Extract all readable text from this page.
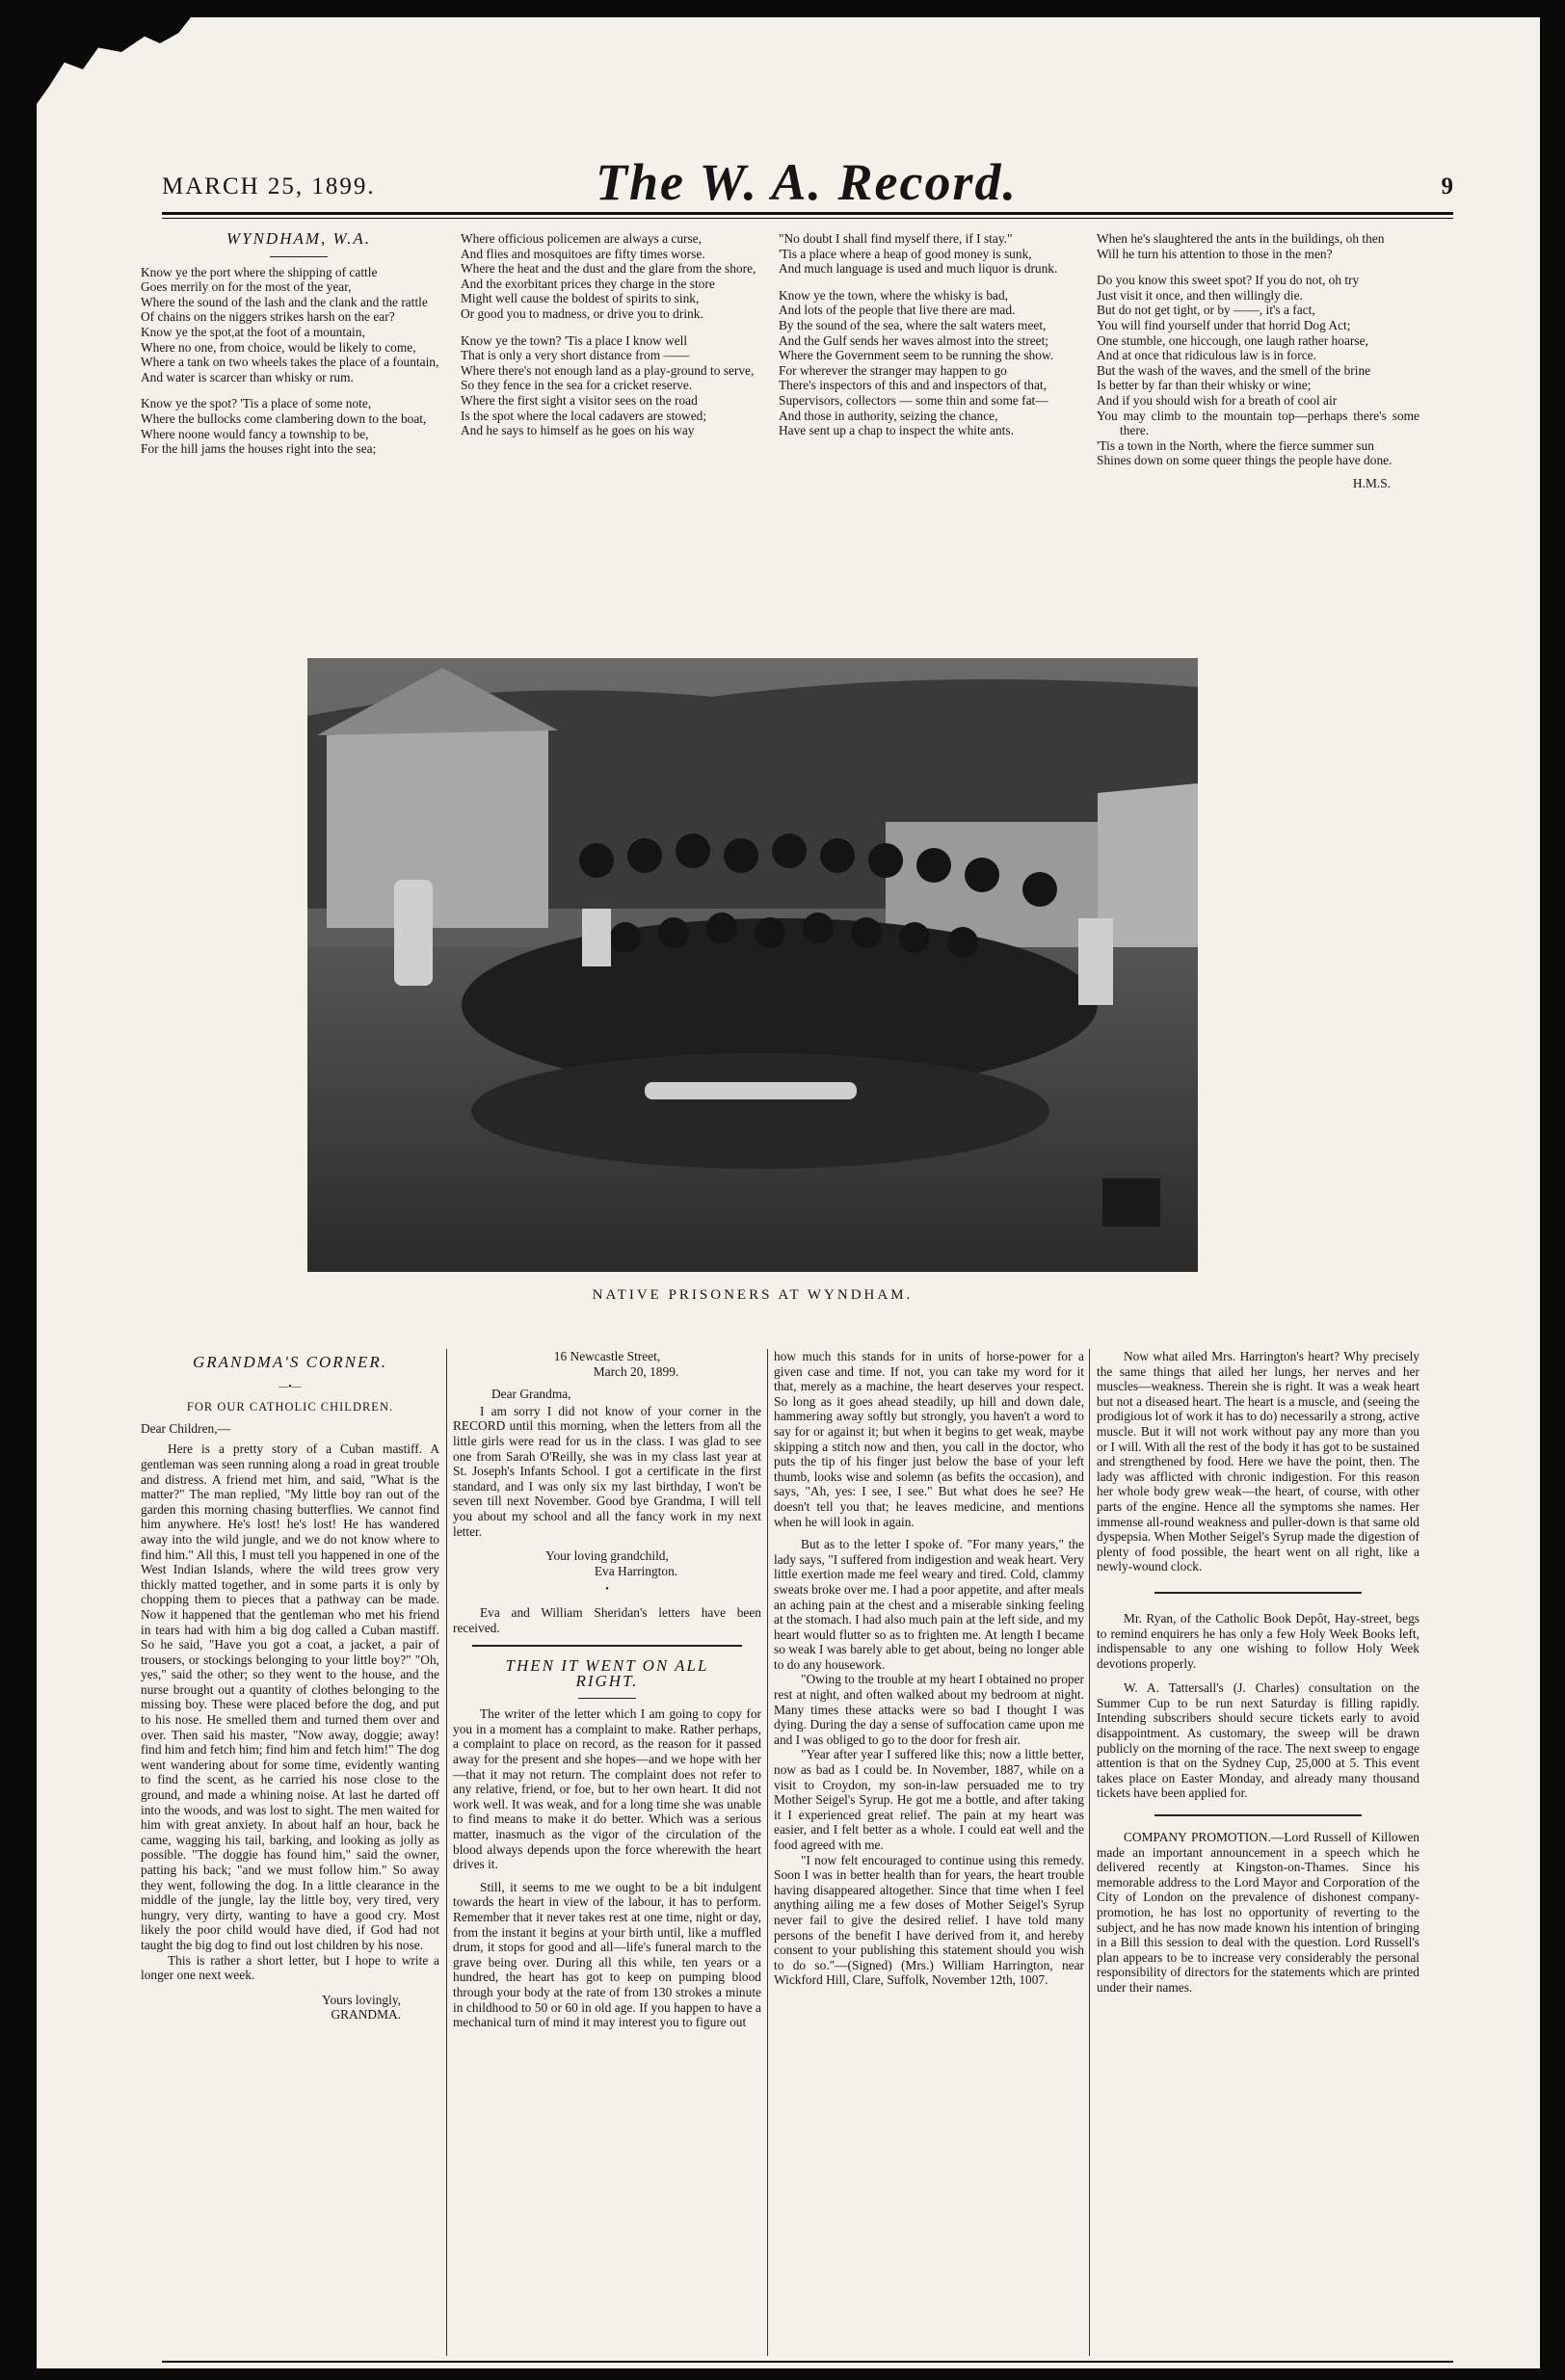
MARCH 25, 1899.	The W. A. Record.	9
WYNDHAM, W.A.

Know ye the port where the shipping of cattle

Goes merrily on for the most of the year,

Where the sound of the lash and the clank and the rattle

Of chains on the niggers strikes harsh on the ear?

Know ye the spot,at the foot of a mountain,

Where no one, from choice, would be likely to come,

Where a tank on two wheels takes the place of a fountain,

And water is scarcer than whisky or rum.

Know ye the spot? 'Tis a place of some note,

Where the bullocks come clambering down to the boat,

Where noone would fancy a township to be,

For the hill jams the houses right into the sea;

Where officious policemen are always a curse,

And flies and mosquitoes are fifty times worse.

Where the heat and the dust and the glare from the shore,

And the exorbitant prices they charge in the store

Might well cause the boldest of spirits to sink,

Or good you to madness, or drive you to drink.

Know ye the town? 'Tis a place I know well

That is only a very short distance from ——

Where there's not enough land as a play-ground to serve,

So they fence in the sea for a cricket reserve.

Where the first sight a visitor sees on the road

Is the spot where the local cadavers are stowed;

And he says to himself as he goes on his way

"No doubt I shall find myself there, if I stay."

'Tis a place where a heap of good money is sunk,

And much language is used and much liquor is drunk.

Know ye the town, where the whisky is bad,

And lots of the people that live there are mad.

By the sound of the sea, where the salt waters meet,

And the Gulf sends her waves almost into the street;

Where the Government seem to be running the show.

For wherever the stranger may happen to go

There's inspectors of this and and inspectors of that,

Supervisors, collectors — some thin and some fat—

And those in authority, seizing the chance,

Have sent up a chap to inspect the white ants.

When he's slaughtered the ants in the buildings, oh then

Will he turn his attention to those in the men?

Do you know this sweet spot? If you do not, oh try

Just visit it once, and then willingly die.

But do not get tight, or by ——, it's a fact,

You will find yourself under that horrid Dog Act;

One stumble, one hiccough, one laugh rather hoarse,

And at once that ridiculous law is in force.

But the wash of the waves, and the smell of the brine

Is better by far than their whisky or wine;

And if you should wish for a breath of cool air

You may climb to the mountain top—perhaps there's some there.

'Tis a town in the North, where the fierce summer sun

Shines down on some queer things the people have done.

H.M.S.
NATIVE PRISONERS AT WYNDHAM.
GRANDMA'S CORNER.
—•—
FOR OUR CATHOLIC CHILDREN.

Dear Children,—

Here is a pretty story of a Cuban mastiff. A gentleman was seen running along a road in great trouble and distress. A friend met him, and said, "What is the matter?" The man replied, "My little boy ran out of the garden this morning chasing butterflies. We cannot find him anywhere. He's lost! he's lost! He has wandered away into the wild jungle, and we do not know where to find him." All this, I must tell you happened in one of the West Indian Islands, where the wild trees grow very thickly matted together, and in some parts it is only by chopping them to pieces that a pathway can be made. Now it happened that the gentleman who met his friend in tears had with him a big dog called a Cuban mastiff. So he said, "Have you got a coat, a jacket, a pair of trousers, or stockings belonging to your little boy?" "Oh, yes," said the other; so they went to the house, and the nurse brought out a quantity of clothes belonging to the missing boy. These were placed before the dog, and put to his nose. He smelled them and turned them over and over. Then said his master, "Now away, doggie; away! find him and fetch him; find him and fetch him!" The dog went wandering about for some time, evidently wanting to find the scent, as he carried his nose close to the ground, and made a whining noise. At last he darted off into the woods, and was lost to sight. The men waited for him with great anxiety. In about half an hour, back he came, wagging his tail, barking, and looking as jolly as possible. "The doggie has found him," said the owner, patting his back; "and we must follow him." So away they went, following the dog. In a little clearance in the middle of the jungle, lay the little boy, very tired, very hungry, very dirty, wanting to have a good cry. Most likely the poor child would have died, if God had not taught the big dog to find out lost children by his nose.

This is rather a short letter, but I hope to write a longer one next week.

Yours lovingly,

GRANDMA.

16 Newcastle Street,

March 20, 1899.

Dear Grandma,

I am sorry I did not know of your corner in the RECORD until this morning, when the letters from all the little girls were read for us in the class. I was glad to see one from Sarah O'Reilly, she was in my class last year at St. Joseph's Infants School. I got a certificate in the first standard, and I was only six my last birthday, I won't be seven till next November. Good bye Grandma, I will tell you about my school and all the fancy work in my next letter.

Your loving grandchild,

Eva Harrington.

•

Eva and William Sheridan's letters have been received.

THEN IT WENT ON ALL RIGHT.

The writer of the letter which I am going to copy for you in a moment has a complaint to make. Rather perhaps, a complaint to place on record, as the reason for it passed away for the present and she hopes—and we hope with her—that it may not return. The complaint does not refer to any relative, friend, or foe, but to her own heart. It did not work well. It was weak, and for a long time she was unable to find means to make it do better. Which was a serious matter, inasmuch as the vigor of the circulation of the blood always depends upon the force wherewith the heart drives it.

Still, it seems to me we ought to be a bit indulgent towards the heart in view of the labour, it has to perform. Remember that it never takes rest at one time, night or day, from the instant it begins at your birth until, like a muffled drum, it stops for good and all—life's funeral march to the grave being over. During all this while, ten years or a hundred, the heart has got to keep on pumping blood through your body at the rate of from 130 strokes a minute in childhood to 50 or 60 in old age. If you happen to have a mechanical turn of mind it may interest you to figure out

how much this stands for in units of horse-power for a given case and time. If not, you can take my word for it that, merely as a machine, the heart deserves your respect. So long as it goes ahead steadily, up hill and down dale, hammering away softly but strongly, you haven't a word to say for or against it; but when it begins to get weak, maybe skipping a stitch now and then, you call in the doctor, who puts the tip of his finger just below the base of your left thumb, looks wise and solemn (as befits the occasion), and says, "Ah, yes: I see, I see." But what does he see? He doesn't tell you that; he leaves medicine, and mentions when he will look in again.

But as to the letter I spoke of. "For many years," the lady says, "I suffered from indigestion and weak heart. Very little exertion made me feel weary and tired. Cold, clammy sweats broke over me. I had a poor appetite, and after meals an aching pain at the chest and a miserable sinking feeling at the stomach. I had also much pain at the left side, and my heart would flutter so as to frighten me. At length I became so weak I was barely able to get about, being no longer able to do any housework.

"Owing to the trouble at my heart I obtained no proper rest at night, and often walked about my bedroom at night. Many times these attacks were so bad I thought I was dying. During the day a sense of suffocation came upon me and I was obliged to go to the door for fresh air.

"Year after year I suffered like this; now a little better, now as bad as I could be. In November, 1887, while on a visit to Croydon, my son-in-law persuaded me to try Mother Seigel's Syrup. He got me a bottle, and after taking it I experienced great relief. The pain at my heart was easier, and I felt better as a whole. I could eat well and the food agreed with me.

"I now felt encouraged to continue using this remedy. Soon I was in better health than for years, the heart trouble having disappeared altogether. Since that time when I feel anything ailing me a few doses of Mother Seigel's Syrup never fail to give the desired relief. I have told many persons of the benefit I have derived from it, and hereby consent to your publishing this statement should you wish to do so."—(Signed) (Mrs.) William Harrington, near Wickford Hill, Clare, Suffolk, November 12th, 1007.

Now what ailed Mrs. Harrington's heart? Why precisely the same things that ailed her lungs, her nerves and her muscles—weakness. Therein she is right. It was a weak heart but not a diseased heart. The heart is a muscle, and (seeing the prodigious lot of work it has to do) necessarily a strong, active muscle. But it will not work without pay any more than you or I will. With all the rest of the body it has got to be sustained and strengthened by food. Here we have the point, then. The lady was afflicted with chronic indigestion. For this reason her whole body grew weak—the heart, of course, with other parts of the engine. Hence all the symptoms she names. Her immense all-round weakness and puller-down is that same old dyspepsia. When Mother Seigel's Syrup made the digestion of plenty of food possible, the heart went on all right, like a newly-wound clock.

Mr. Ryan, of the Catholic Book Depôt, Hay-street, begs to remind enquirers he has only a few Holy Week Books left, indispensable to any one wishing to follow Holy Week devotions properly.

W. A. Tattersall's (J. Charles) consultation on the Summer Cup to be run next Saturday is filling rapidly. Intending subscribers should secure tickets early to avoid disappointment. As customary, the sweep will be drawn publicly on the morning of the race. The next sweep to engage attention is that on the Sydney Cup, 25,000 at 5. This event takes place on Easter Monday, and already many thousand tickets have been applied for.

COMPANY PROMOTION.—Lord Russell of Killowen made an important announcement in a speech which he delivered recently at Kingston-on-Thames. Since his memorable address to the Lord Mayor and Corporation of the City of London on the prevalence of dishonest company-promotion, he has lost no opportunity of reverting to the subject, and he has now made known his intention of bringing in a Bill this session to deal with the question. Lord Russell's plan appears to be to increase very considerably the personal responsibility of directors for the statements which are printed under their names.
